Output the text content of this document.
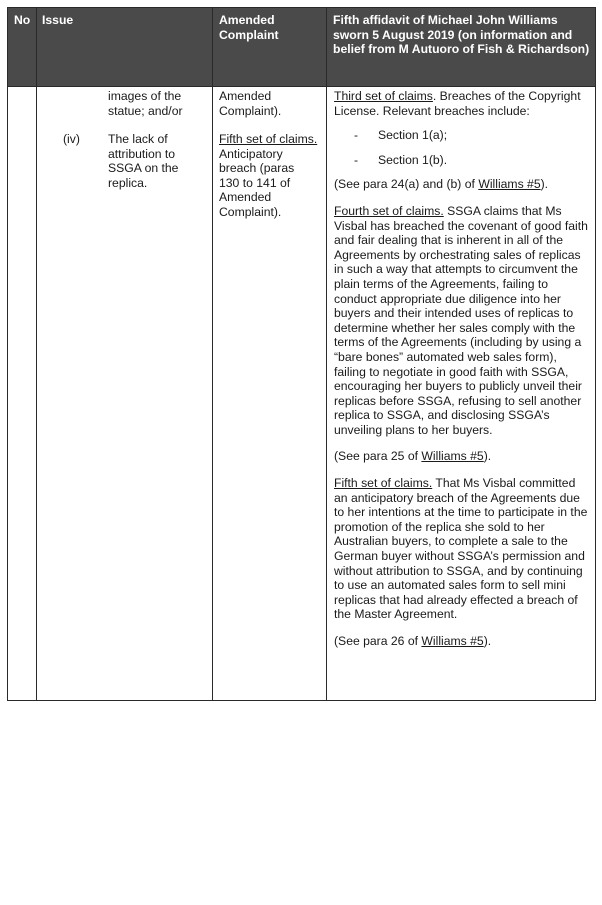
No Issue	Amended Complaint
Fifth affidavit of Michael John Williams sworn 5 August 2019 (on information and belief from M Autuoro of Fish & Richardson)
images of the statue; and/or
(iv) The lack of attribution to SSGA on the replica.
Amended Complaint).

Fifth set of claims.

Anticipatory breach (paras 130 to 141 of Amended Complaint).

Third set of claims. Breaches of the Copyright License. Relevant breaches include:

- Section 1(a);
- Section 1(b).

(See para 24(a) and (b) of Williams #5).

Fourth set of claims. SSGA claims that Ms Visbal has breached the covenant of good faith and fair dealing that is inherent in all of the Agreements by orchestrating sales of replicas in such a way that attempts to circumvent the plain terms of the Agreements, failing to conduct appropriate due diligence into her buyers and their intended uses of replicas to determine whether her sales comply with the terms of the Agreements (including by using a “bare bones” automated web sales form), failing to negotiate in good faith with SSGA, encouraging her buyers to publicly unveil their replicas before SSGA, refusing to sell another replica to SSGA, and disclosing SSGA’s unveiling plans to her buyers.

(See para 25 of Williams #5).

Fifth set of claims. That Ms Visbal committed an anticipatory breach of the Agreements due to her intentions at the time to participate in the promotion of the replica she sold to her Australian buyers, to complete a sale to the German buyer without SSGA’s permission and without attribution to SSGA, and by continuing to use an automated sales form to sell mini replicas that had already effected a breach of the Master Agreement.

(See para 26 of Williams #5).
